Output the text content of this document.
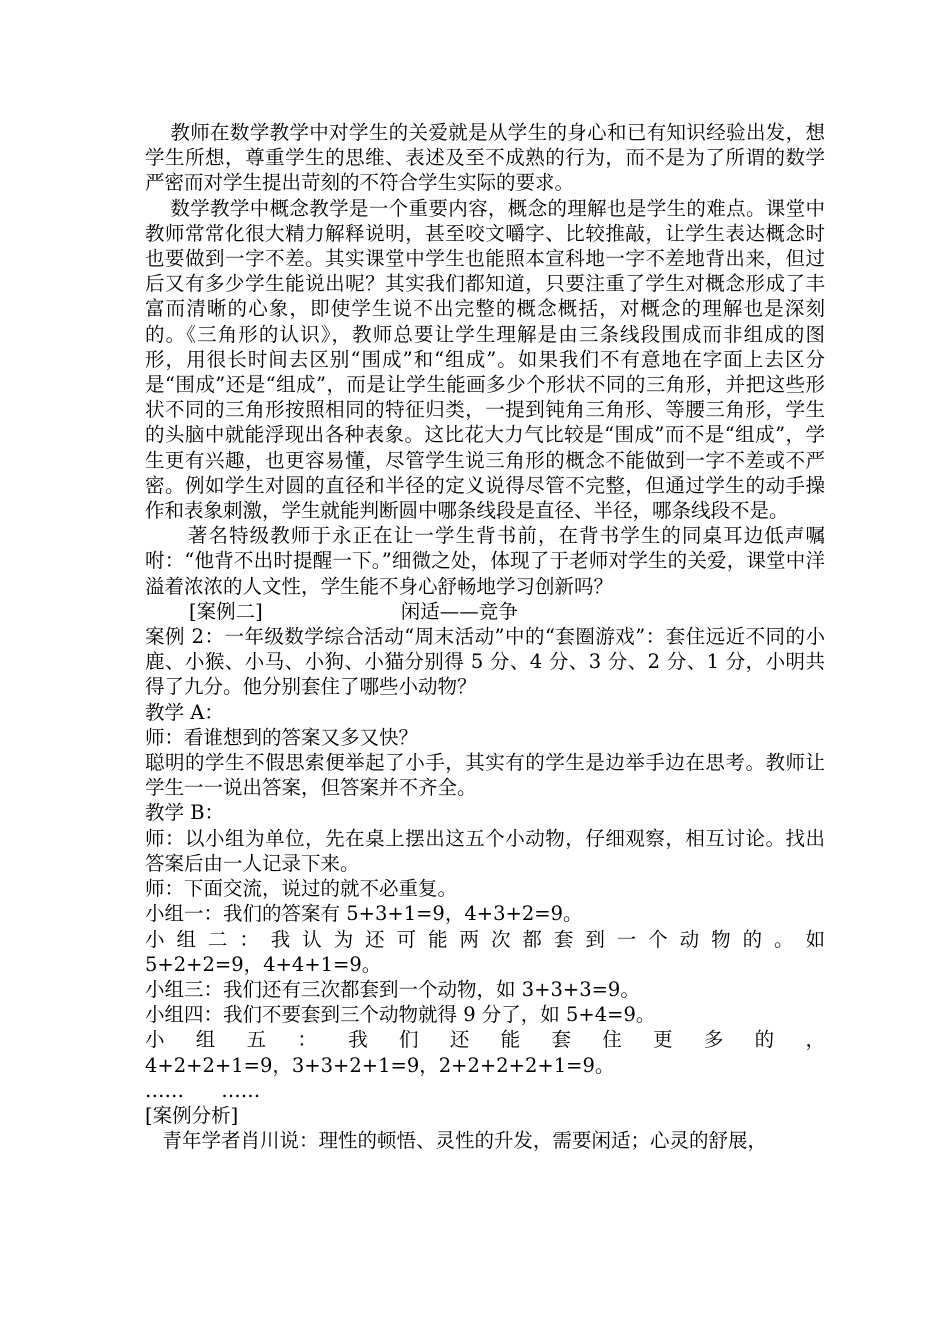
教师在数学教学中对学生的关爱就是从学生的身心和已有知识经验出发，想学生所想，尊重学生的思维、表述及至不成熟的行为，而不是为了所谓的数学严密而对学生提出苛刻的不符合学生实际的要求。

数学教学中概念教学是一个重要内容，概念的理解也是学生的难点。课堂中教师常常化很大精力解释说明，甚至咬文嚼字、比较推敲，让学生表达概念时也要做到一字不差。其实课堂中学生也能照本宣科地一字不差地背出来，但过后又有多少学生能说出呢？其实我们都知道，只要注重了学生对概念形成了丰富而清晰的心象，即使学生说不出完整的概念概括，对概念的理解也是深刻的。《三角形的认识》，教师总要让学生理解是由三条线段围成而非组成的图形，用很长时间去区别“围成”和“组成”。如果我们不有意地在字面上去区分是“围成”还是“组成”，而是让学生能画多少个形状不同的三角形，并把这些形状不同的三角形按照相同的特征归类，一提到钝角三角形、等腰三角形，学生的头脑中就能浮现出各种表象。这比花大力气比较是“围成”而不是“组成”，学生更有兴趣，也更容易懂，尽管学生说三角形的概念不能做到一字不差或不严密。例如学生对圆的直径和半径的定义说得尽管不完整，但通过学生的动手操作和表象刺激，学生就能判断圆中哪条线段是直径、半径，哪条线段不是。

著名特级教师于永正在让一学生背书前，在背书学生的同桌耳边低声嘱咐：“他背不出时提醒一下。”细微之处，体现了于老师对学生的关爱，课堂中洋溢着浓浓的人文性，学生能不身心舒畅地学习创新吗？

[案例二]	闲适——竞争

案例 2：一年级数学综合活动“周末活动”中的“套圈游戏”：套住远近不同的小鹿、小猴、小马、小狗、小猫分别得 5 分、4 分、3 分、2 分、1 分，小明共得了九分。他分别套住了哪些小动物？

教学 A：

师：看谁想到的答案又多又快？

聪明的学生不假思索便举起了小手，其实有的学生是边举手边在思考。教师让学生一一说出答案，但答案并不齐全。

教学 B：

师：以小组为单位，先在桌上摆出这五个小动物，仔细观察，相互讨论。找出答案后由一人记录下来。

师：下面交流，说过的就不必重复。

小组一：我们的答案有 5+3+1=9，4+3+2=9。

小 组 二 ： 我 认 为 还 可 能 两 次 都 套 到 一 个 动 物 的 。 如

5+2+2=9，4+4+1=9。

小组三：我们还有三次都套到一个动物，如 3+3+3=9。

小组四：我们不要套到三个动物就得 9 分了，如 5+4=9。

小 组 五 ： 我 们 还 能 套 住 更 多 的 ，

4+2+2+1=9，3+3+2+1=9，2+2+2+2+1=9。

……      ……

[案例分析]

青年学者肖川说：理性的顿悟、灵性的升发，需要闲适；心灵的舒展，
